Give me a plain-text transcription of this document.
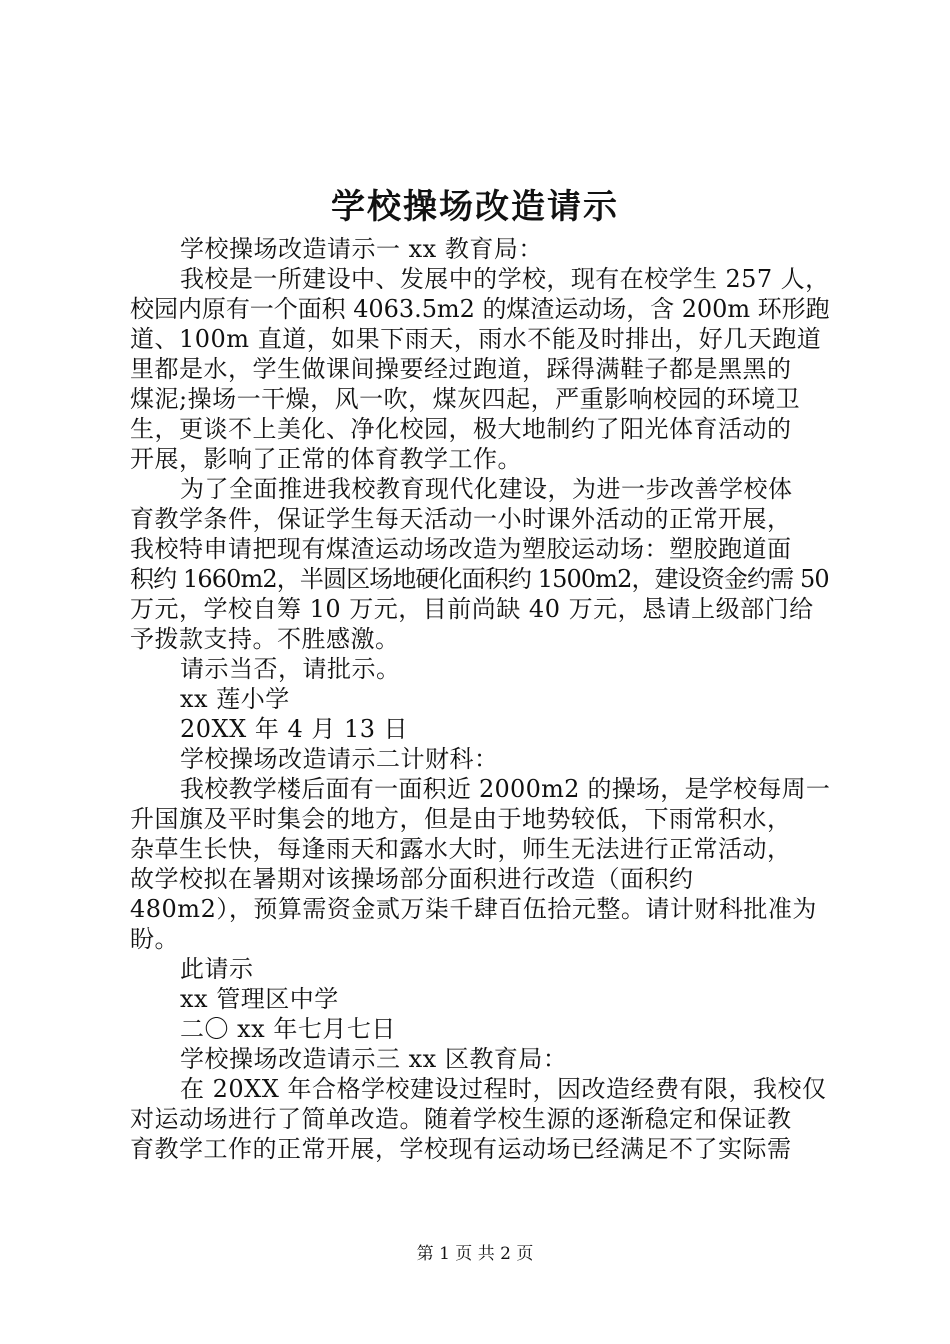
学校操场改造请示
学校操场改造请示一 xx 教育局：
我校是一所建设中、发展中的学校，现有在校学生 257 人，
校园内原有一个面积 4063.5m2 的煤渣运动场，含 200m 环形跑
道、100m 直道，如果下雨天，雨水不能及时排出，好几天跑道
里都是水，学生做课间操要经过跑道，踩得满鞋子都是黑黑的
煤泥;操场一干燥，风一吹，煤灰四起，严重影响校园的环境卫
生，更谈不上美化、净化校园，极大地制约了阳光体育活动的
开展，影响了正常的体育教学工作。
为了全面推进我校教育现代化建设，为进一步改善学校体
育教学条件，保证学生每天活动一小时课外活动的正常开展，
我校特申请把现有煤渣运动场改造为塑胶运动场：塑胶跑道面
积约 1660m2，半圆区场地硬化面积约 1500m2，建设资金约需 50
万元，学校自筹 10 万元，目前尚缺 40 万元，恳请上级部门给
予拨款支持。不胜感激。
请示当否，请批示。
xx 莲小学
20XX 年 4 月 13 日
学校操场改造请示二计财科：
我校教学楼后面有一面积近 2000m2 的操场，是学校每周一
升国旗及平时集会的地方，但是由于地势较低，下雨常积水，
杂草生长快，每逢雨天和露水大时，师生无法进行正常活动，
故学校拟在暑期对该操场部分面积进行改造（面积约
480m2），预算需资金贰万柒千肆百伍拾元整。请计财科批准为
盼。
此请示
xx 管理区中学
二〇 xx 年七月七日
学校操场改造请示三 xx 区教育局：
在 20XX 年合格学校建设过程时，因改造经费有限，我校仅
对运动场进行了简单改造。随着学校生源的逐渐稳定和保证教
育教学工作的正常开展，学校现有运动场已经满足不了实际需
第 1 页 共 2 页
